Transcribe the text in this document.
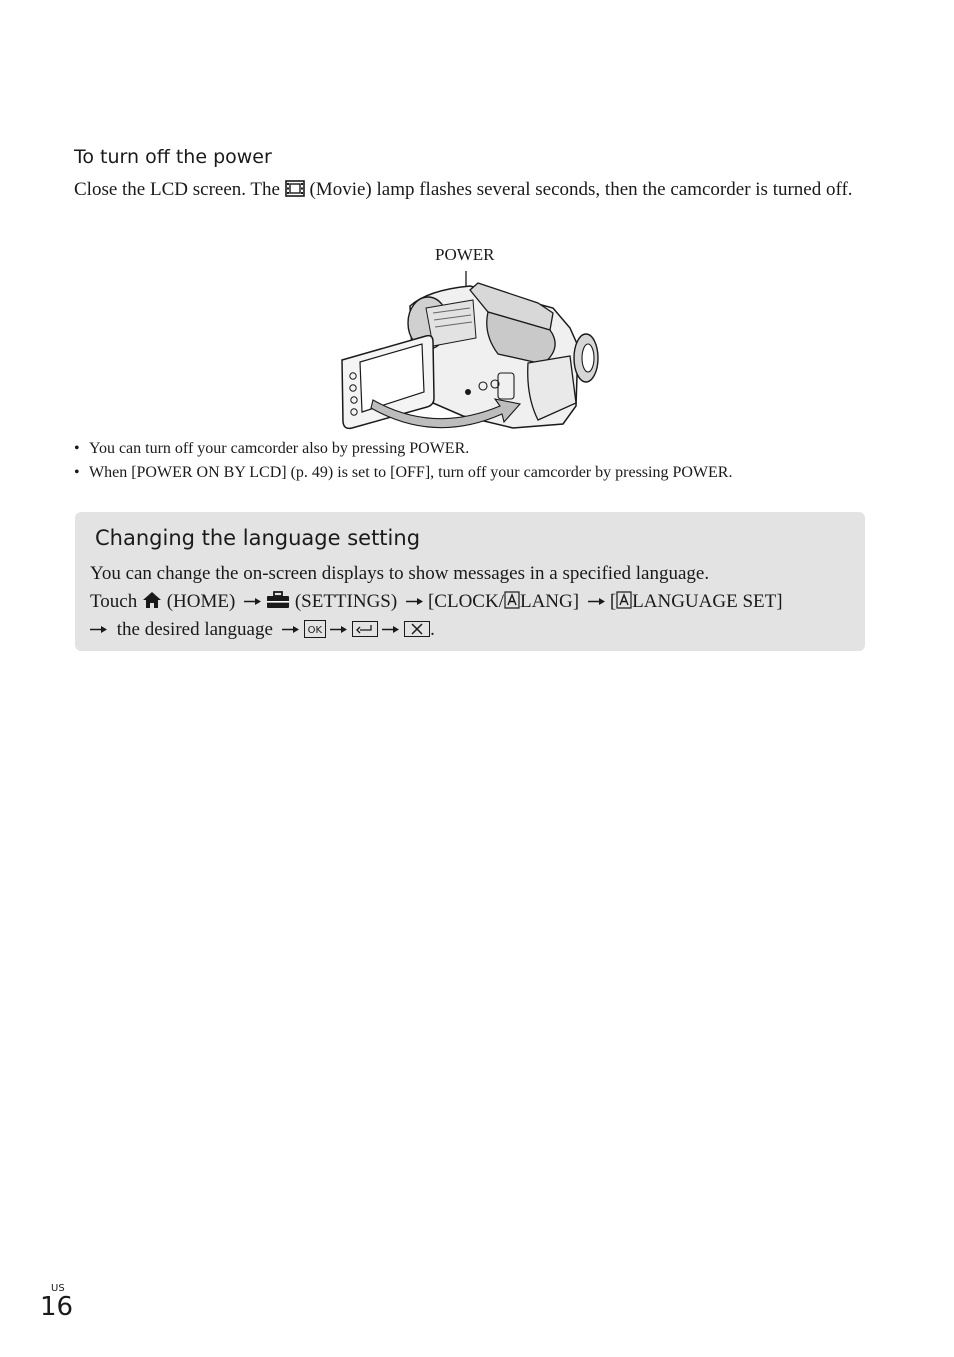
To turn off the power

Close the LCD screen. The  (Movie) lamp flashes several seconds, then the camcorder is turned off.

POWER
• You can turn off your camcorder also by pressing POWER.
• When [POWER ON BY LCD] (p. 49) is set to [OFF], turn off your camcorder by pressing POWER.
Changing the language setting

You can change the on-screen displays to show messages in a specified language.
Touch  (HOME)	(SETTINGS) [CLOCK/ LANG] [ LANGUAGE SET]
the desired language	OK	.

US
16
